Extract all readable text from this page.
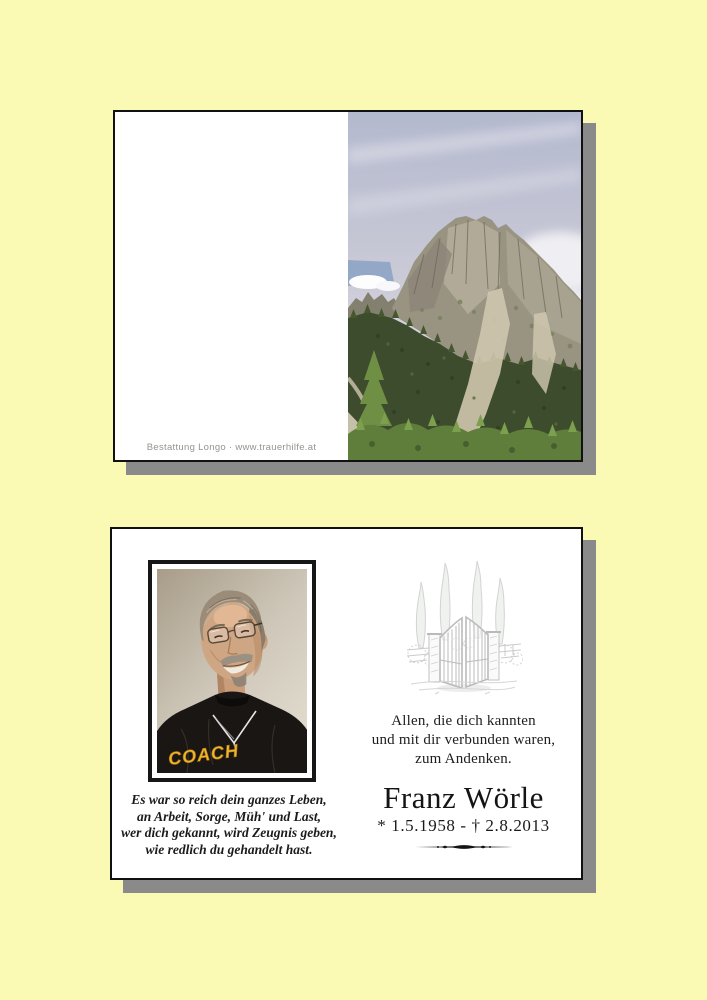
Bestattung Longo · www.trauerhilfe.at
COACH
Es war so reich dein ganzes Leben,
an Arbeit, Sorge, Müh' und Last,
wer dich gekannt, wird Zeugnis geben,
wie redlich du gehandelt hast.
Allen, die dich kannten
und mit dir verbunden waren,
zum Andenken.
Franz Wörle
* 1.5.1958 - † 2.8.2013
